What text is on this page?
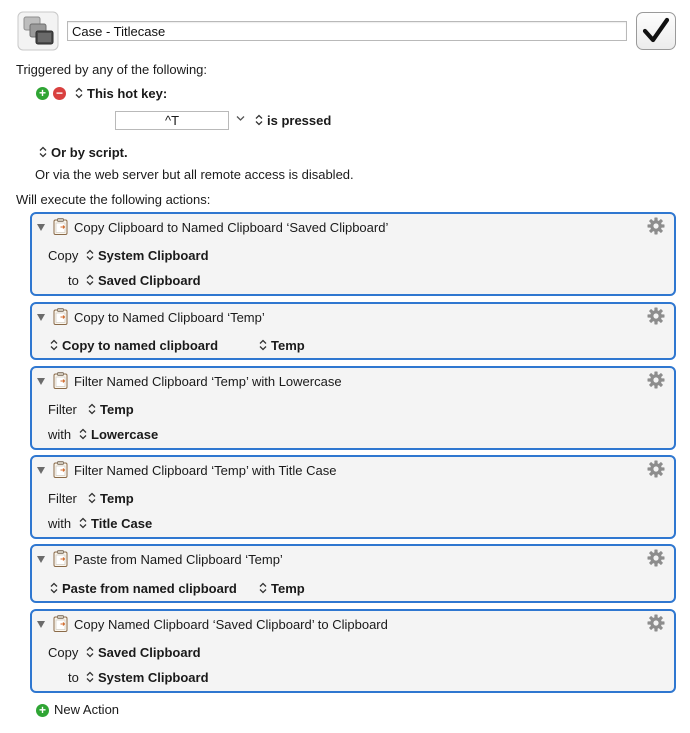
Case - Titlecase
Triggered by any of the following:
+ −	This hot key:
^T	is pressed
Or by script.
Or via the web server but all remote access is disabled.
Will execute the following actions:
Copy Clipboard to Named Clipboard ‘Saved Clipboard’
Copy	System Clipboard
to	Saved Clipboard
Copy to Named Clipboard ‘Temp’
Copy to named clipboard	Temp
Filter Named Clipboard ‘Temp’ with Lowercase
Filter	Temp
with	Lowercase
Filter Named Clipboard ‘Temp’ with Title Case
Filter	Temp
with	Title Case
Paste from Named Clipboard ‘Temp’
Paste from named clipboard	Temp
Copy Named Clipboard ‘Saved Clipboard’ to Clipboard
Copy	Saved Clipboard
to	System Clipboard
+ New Action
